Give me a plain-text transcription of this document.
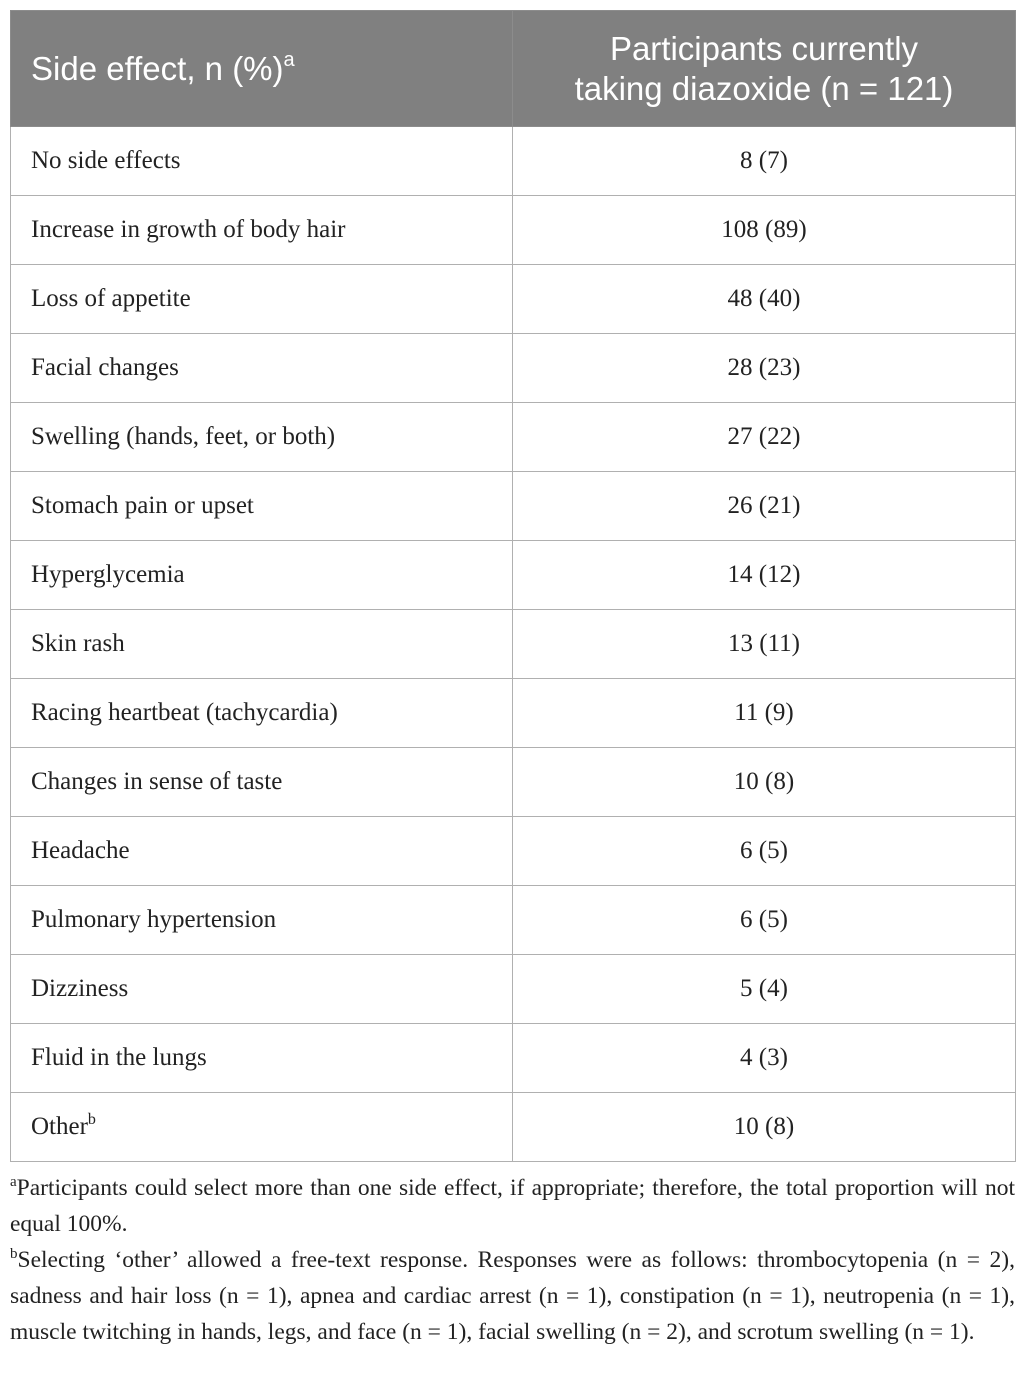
Side effect, n (%)$^a$	Participants currently
taking diazoxide (n = 121)
No side effects	8 (7)
Increase in growth of body hair	108 (89)
Loss of appetite	48 (40)
Facial changes	28 (23)
Swelling (hands, feet, or both)	27 (22)
Stomach pain or upset	26 (21)
Hyperglycemia	14 (12)
Skin rash	13 (11)
Racing heartbeat (tachycardia)	11 (9)
Changes in sense of taste	10 (8)
Headache	6 (5)
Pulmonary hypertension	6 (5)
Dizziness	5 (4)
Fluid in the lungs	4 (3)
Other$^b$	10 (8)

$^a$Participants could select more than one side effect, if appropriate; therefore, the total proportion will not equal 100%.

$^b$Selecting ‘other’ allowed a free-text response. Responses were as follows: thrombocytopenia (n = 2), sadness and hair loss (n = 1), apnea and cardiac arrest (n = 1), constipation (n = 1), neutropenia (n = 1), muscle twitching in hands, legs, and face (n = 1), facial swelling (n = 2), and scrotum swelling (n = 1).
